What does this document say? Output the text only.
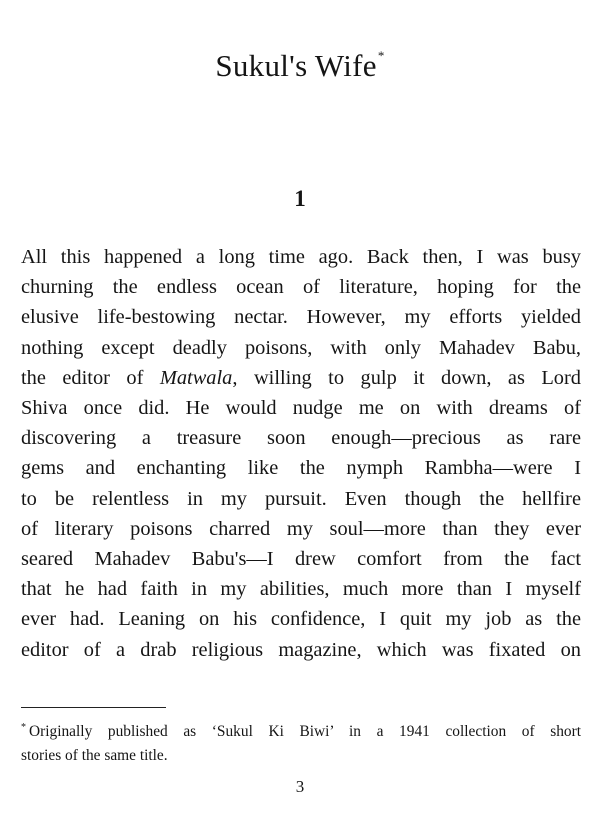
Sukul's Wife*
1
All this happened a long time ago. Back then, I was busy
churning the endless ocean of literature, hoping for the
elusive life-bestowing nectar. However, my efforts yielded
nothing except deadly poisons, with only Mahadev Babu,
the editor of Matwala, willing to gulp it down, as Lord
Shiva once did. He would nudge me on with dreams of
discovering a treasure soon enough—precious as rare
gems and enchanting like the nymph Rambha—were I
to be relentless in my pursuit. Even though the hellfire
of literary poisons charred my soul—more than they ever
seared Mahadev Babu's—I drew comfort from the fact
that he had faith in my abilities, much more than I myself
ever had. Leaning on his confidence, I quit my job as the
editor of a drab religious magazine, which was fixated on
* Originally published as ‘Sukul Ki Biwi’ in a 1941 collection of short
stories of the same title.
3
